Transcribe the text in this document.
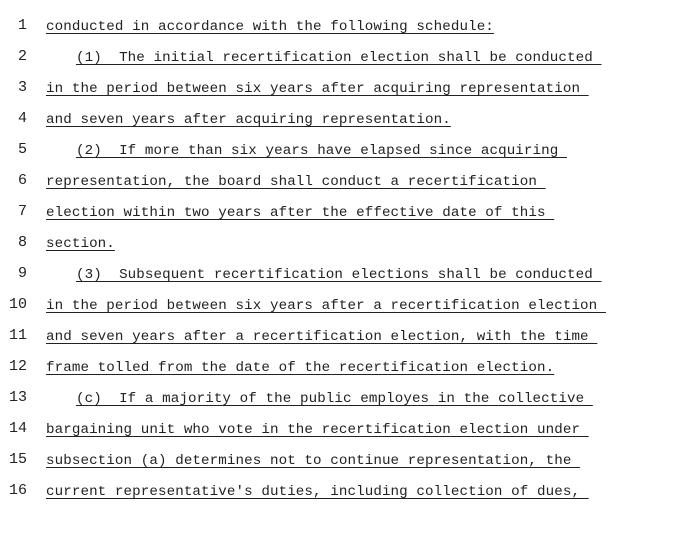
1

conducted in accordance with the following schedule:

2

	(1)  The initial recertification election shall be conducted

3

in the period between six years after acquiring representation

4

and seven years after acquiring representation.

5

	(2)  If more than six years have elapsed since acquiring

6

representation, the board shall conduct a recertification

7

election within two years after the effective date of this

8

section.

9

	(3)  Subsequent recertification elections shall be conducted

10

in the period between six years after a recertification election

11

and seven years after a recertification election, with the time

12

frame tolled from the date of the recertification election.

13

	(c)  If a majority of the public employes in the collective

14

bargaining unit who vote in the recertification election under

15

subsection (a) determines not to continue representation, the

16

current representative's duties, including collection of dues,
